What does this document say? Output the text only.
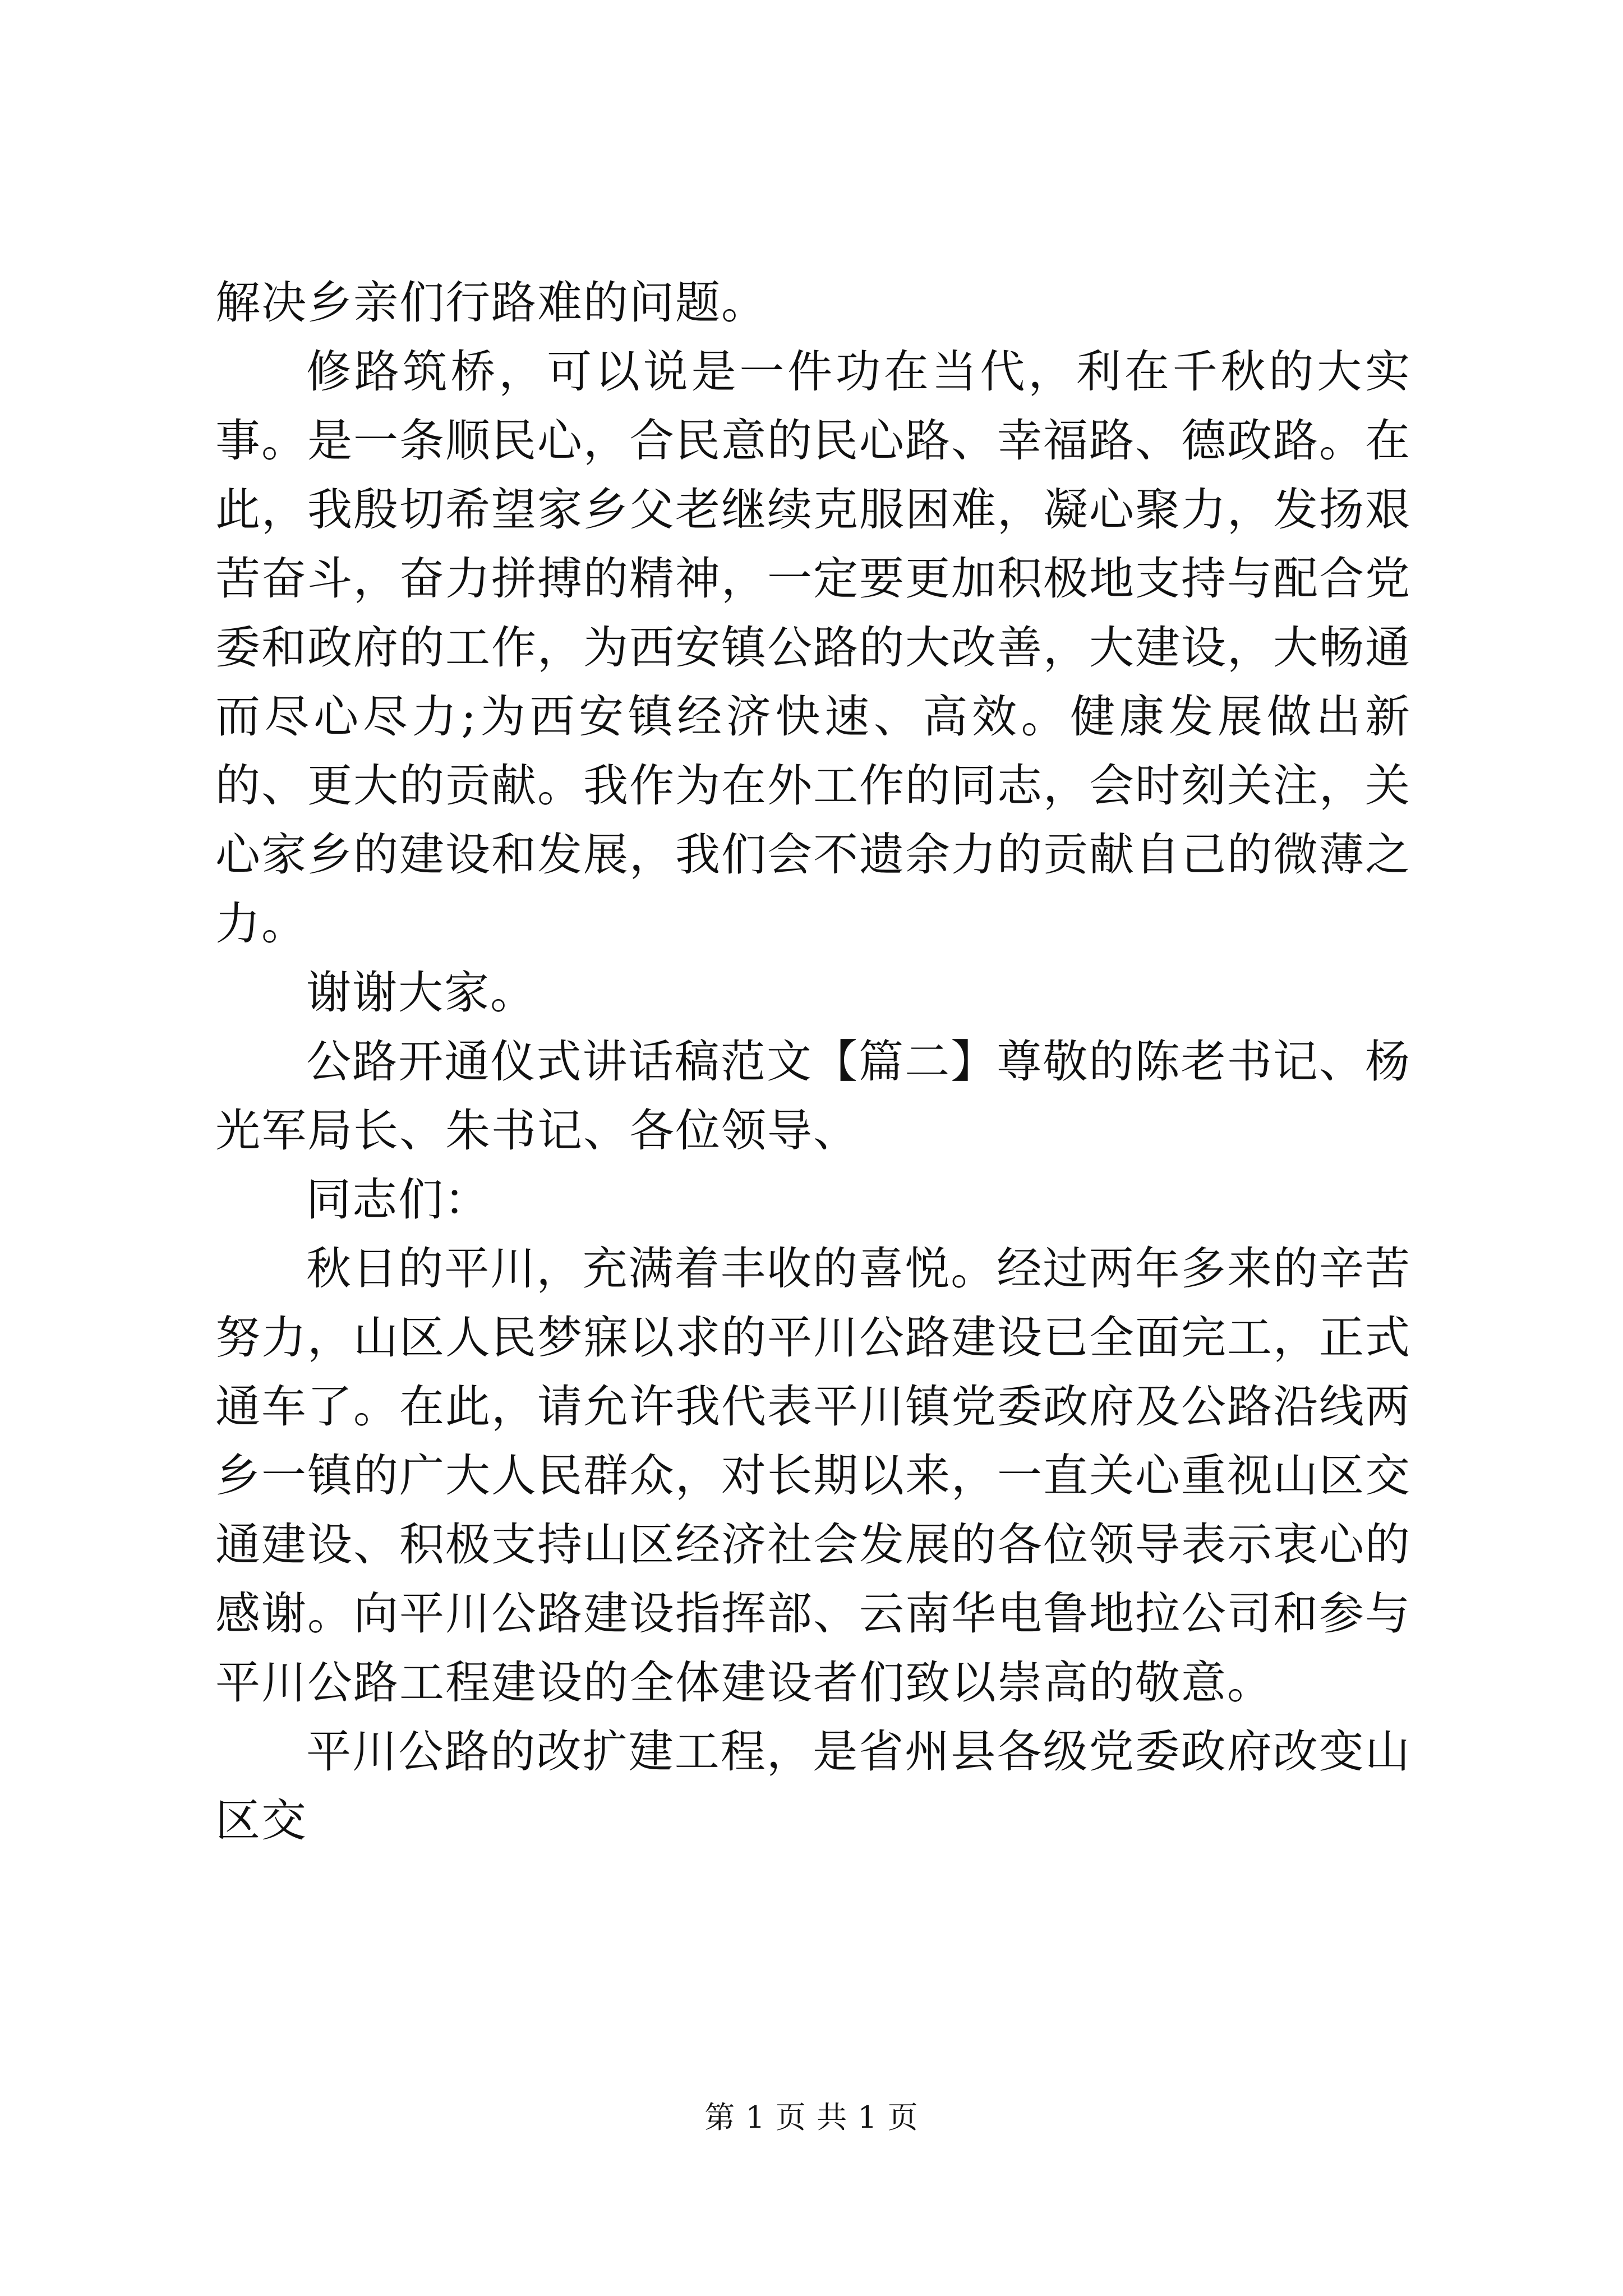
解决乡亲们行路难的问题。

修路筑桥，可以说是一件功在当代，利在千秋的大实事。是一条顺民心，合民意的民心路、幸福路、德政路。在此，我殷切希望家乡父老继续克服困难，凝心聚力，发扬艰苦奋斗，奋力拼搏的精神，一定要更加积极地支持与配合党委和政府的工作，为西安镇公路的大改善，大建设，大畅通而尽心尽力;为西安镇经济快速、高效。健康发展做出新的、更大的贡献。我作为在外工作的同志，会时刻关注，关心家乡的建设和发展，我们会不遗余力的贡献自己的微薄之力。

谢谢大家。

公路开通仪式讲话稿范文【篇二】尊敬的陈老书记、杨光军局长、朱书记、各位领导、

同志们：

秋日的平川，充满着丰收的喜悦。经过两年多来的辛苦努力，山区人民梦寐以求的平川公路建设已全面完工，正式通车了。在此，请允许我代表平川镇党委政府及公路沿线两乡一镇的广大人民群众，对长期以来，一直关心重视山区交通建设、积极支持山区经济社会发展的各位领导表示衷心的感谢。向平川公路建设指挥部、云南华电鲁地拉公司和参与平川公路工程建设的全体建设者们致以崇高的敬意。

平川公路的改扩建工程，是省州县各级党委政府改变山区交

第 1 页 共 1 页
